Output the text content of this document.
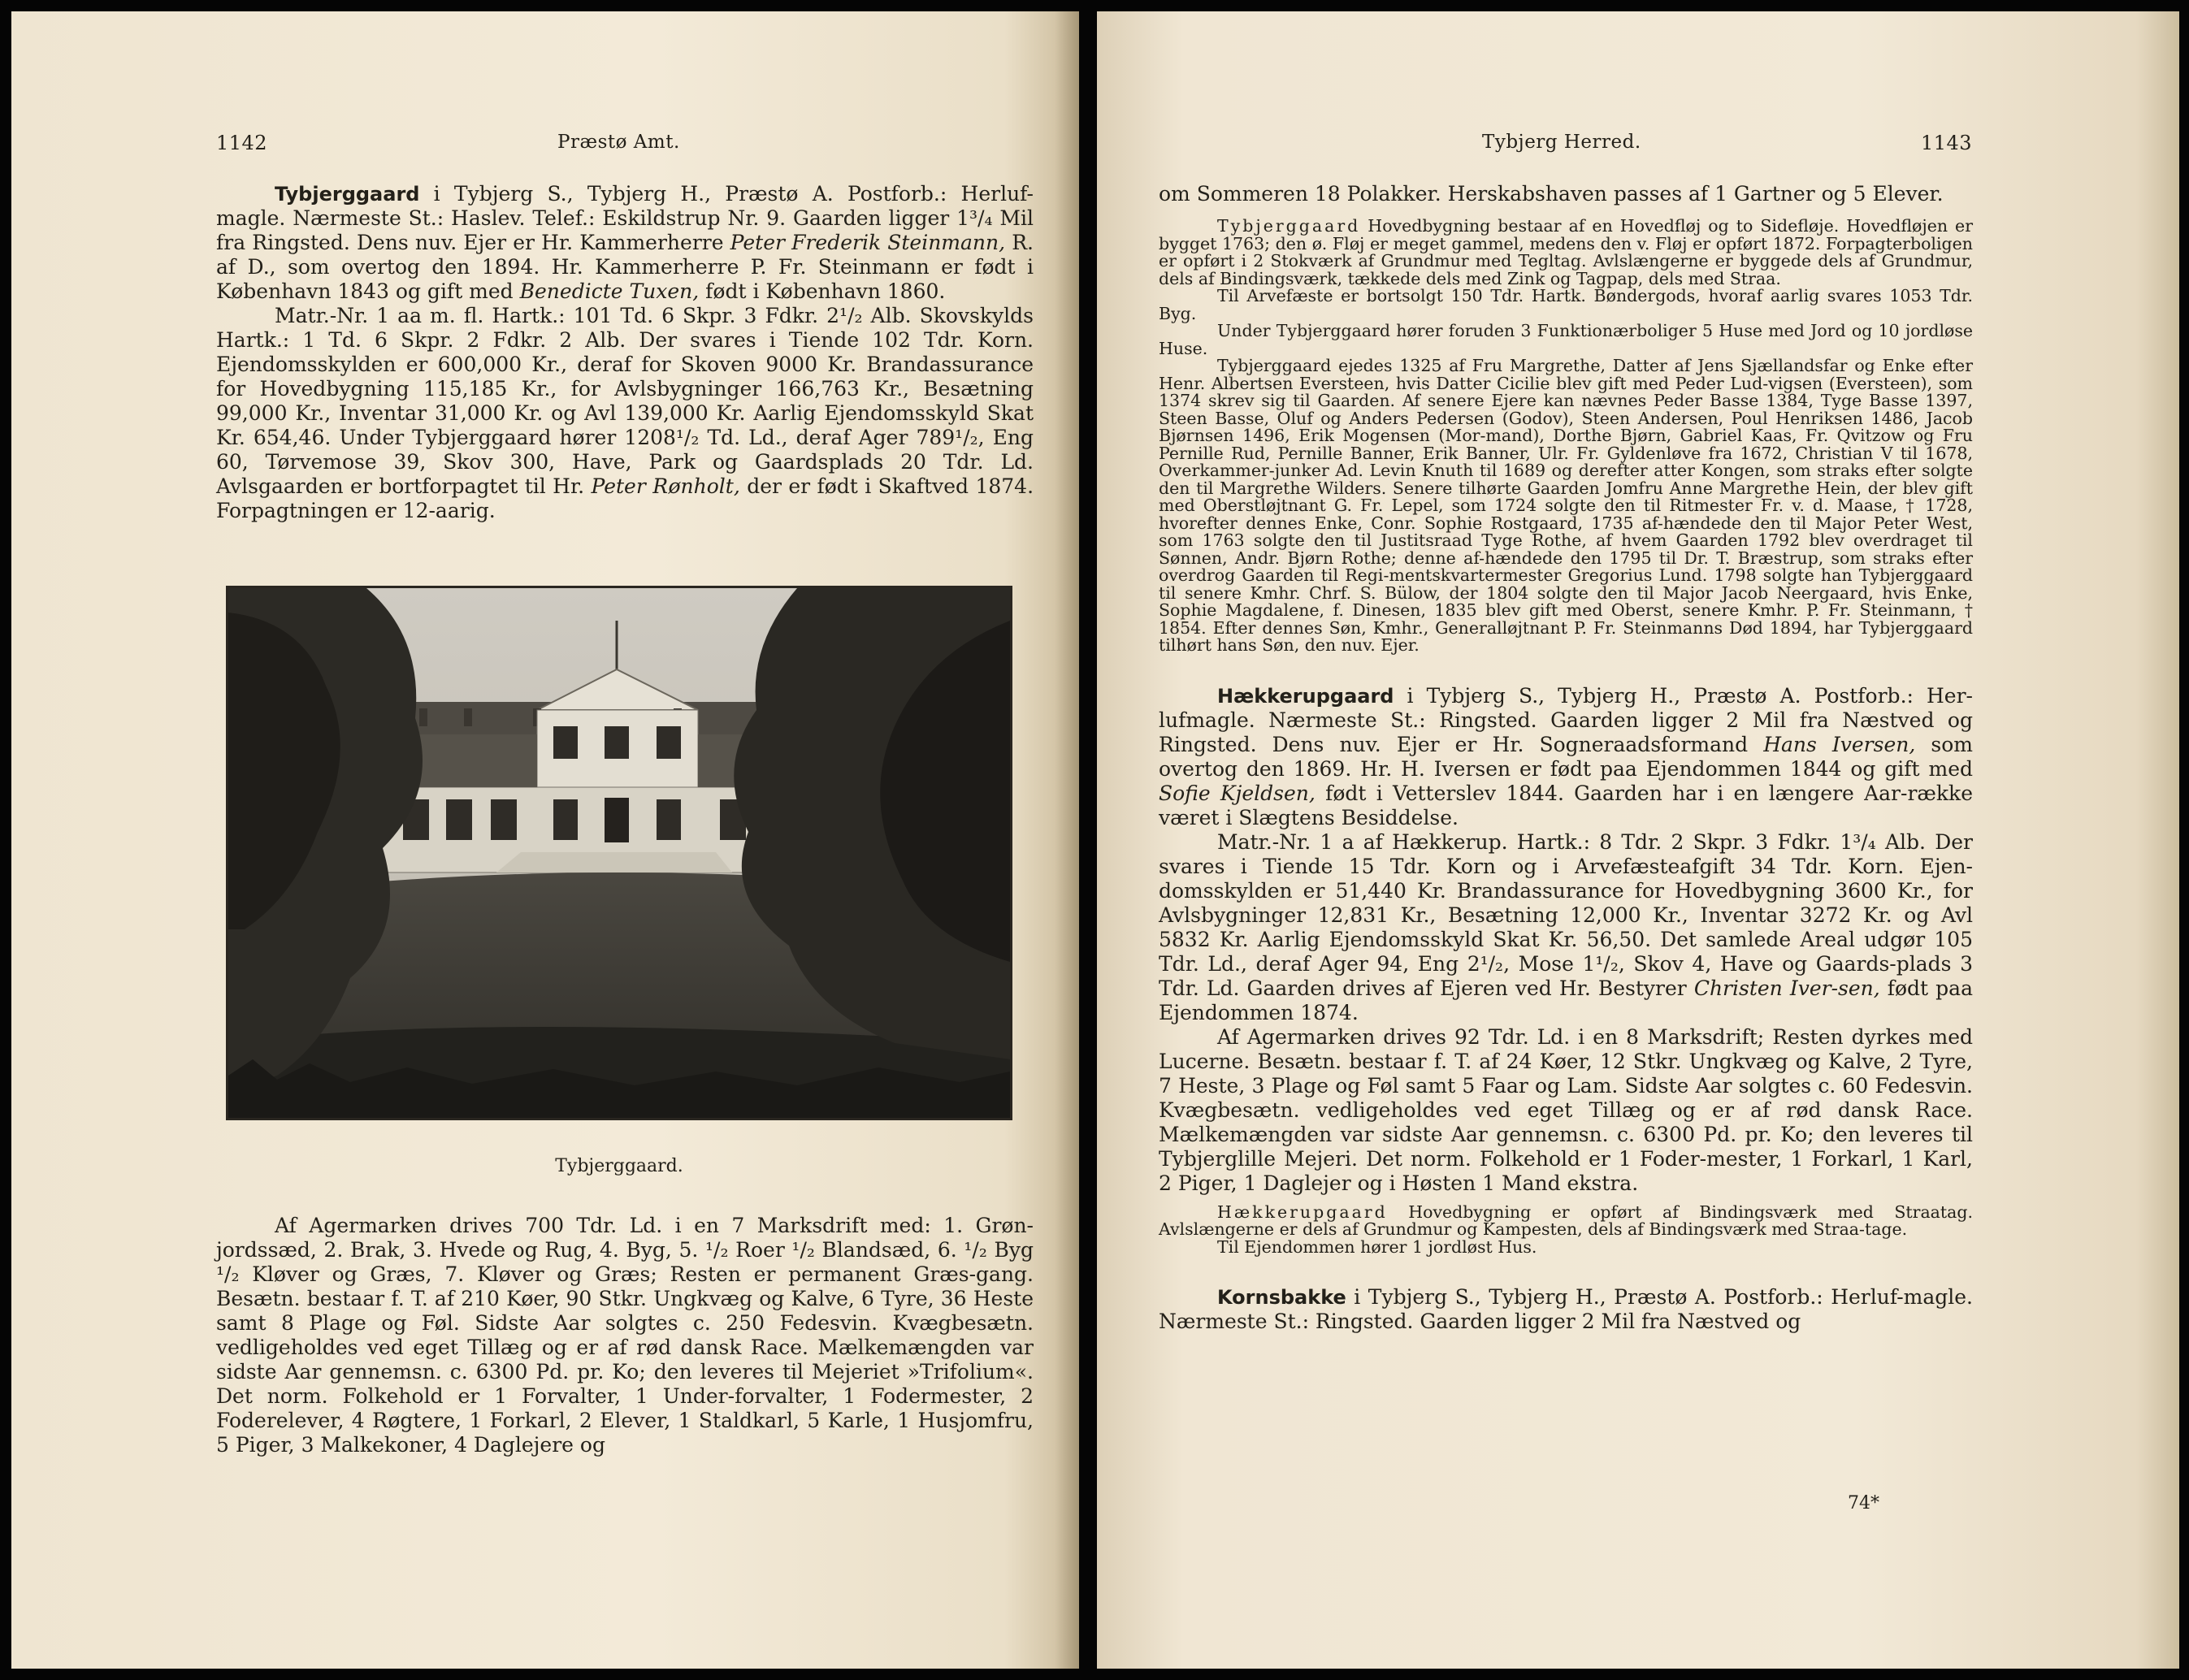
1142	Præstø Amt.

Tybjerggaard i Tybjerg S., Tybjerg H., Præstø A. Postforb.: Herluf-magle. Nærmeste St.: Haslev. Telef.: Eskildstrup Nr. 9. Gaarden ligger 1³/₄ Mil fra Ringsted. Dens nuv. Ejer er Hr. Kammerherre Peter Frederik Steinmann, R. af D., som overtog den 1894. Hr. Kammerherre P. Fr. Steinmann er født i København 1843 og gift med Benedicte Tuxen, født i København 1860.

Matr.-Nr. 1 aa m. fl. Hartk.: 101 Td. 6 Skpr. 3 Fdkr. 2¹/₂ Alb. Skovskylds Hartk.: 1 Td. 6 Skpr. 2 Fdkr. 2 Alb. Der svares i Tiende 102 Tdr. Korn. Ejendomsskylden er 600,000 Kr., deraf for Skoven 9000 Kr. Brandassurance for Hovedbygning 115,185 Kr., for Avlsbygninger 166,763 Kr., Besætning 99,000 Kr., Inventar 31,000 Kr. og Avl 139,000 Kr. Aarlig Ejendomsskyld Skat Kr. 654,46. Under Tybjerggaard hører 1208¹/₂ Td. Ld., deraf Ager 789¹/₂, Eng 60, Tørvemose 39, Skov 300, Have, Park og Gaardsplads 20 Tdr. Ld. Avlsgaarden er bortforpagtet til Hr. Peter Rønholt, der er født i Skaftved 1874. Forpagtningen er 12-aarig.

Tybjerggaard.

Af Agermarken drives 700 Tdr. Ld. i en 7 Marksdrift med: 1. Grøn-jordssæd, 2. Brak, 3. Hvede og Rug, 4. Byg, 5. ¹/₂ Roer ¹/₂ Blandsæd, 6. ¹/₂ Byg ¹/₂ Kløver og Græs, 7. Kløver og Græs; Resten er permanent Græs-gang. Besætn. bestaar f. T. af 210 Køer, 90 Stkr. Ungkvæg og Kalve, 6 Tyre, 36 Heste samt 8 Plage og Føl. Sidste Aar solgtes c. 250 Fedesvin. Kvægbesætn. vedligeholdes ved eget Tillæg og er af rød dansk Race. Mælkemængden var sidste Aar gennemsn. c. 6300 Pd. pr. Ko; den leveres til Mejeriet »Trifolium«. Det norm. Folkehold er 1 Forvalter, 1 Under-forvalter, 1 Fodermester, 2 Foderelever, 4 Røgtere, 1 Forkarl, 2 Elever, 1 Staldkarl, 5 Karle, 1 Husjomfru, 5 Piger, 3 Malkekoner, 4 Daglejere og

Tybjerg Herred.	1143

om Sommeren 18 Polakker. Herskabshaven passes af 1 Gartner og 5 Elever.

Tybjerggaard Hovedbygning bestaar af en Hovedfløj og to Sidefløje. Hovedfløjen er bygget 1763; den ø. Fløj er meget gammel, medens den v. Fløj er opført 1872. Forpagterboligen er opført i 2 Stokværk af Grundmur med Tegltag. Avlslængerne er byggede dels af Grundmur, dels af Bindingsværk, tækkede dels med Zink og Tagpap, dels med Straa.

Til Arvefæste er bortsolgt 150 Tdr. Hartk. Bøndergods, hvoraf aarlig svares 1053 Tdr. Byg.

Under Tybjerggaard hører foruden 3 Funktionærboliger 5 Huse med Jord og 10 jordløse Huse.

Tybjerggaard ejedes 1325 af Fru Margrethe, Datter af Jens Sjællandsfar og Enke efter Henr. Albertsen Eversteen, hvis Datter Cicilie blev gift med Peder Lud-vigsen (Eversteen), som 1374 skrev sig til Gaarden. Af senere Ejere kan nævnes Peder Basse 1384, Tyge Basse 1397, Steen Basse, Oluf og Anders Pedersen (Godov), Steen Andersen, Poul Henriksen 1486, Jacob Bjørnsen 1496, Erik Mogensen (Mor-mand), Dorthe Bjørn, Gabriel Kaas, Fr. Qvitzow og Fru Pernille Rud, Pernille Banner, Erik Banner, Ulr. Fr. Gyldenløve fra 1672, Christian V til 1678, Overkammer-junker Ad. Levin Knuth til 1689 og derefter atter Kongen, som straks efter solgte den til Margrethe Wilders. Senere tilhørte Gaarden Jomfru Anne Margrethe Hein, der blev gift med Oberstløjtnant G. Fr. Lepel, som 1724 solgte den til Ritmester Fr. v. d. Maase, † 1728, hvorefter dennes Enke, Conr. Sophie Rostgaard, 1735 af-hændede den til Major Peter West, som 1763 solgte den til Justitsraad Tyge Rothe, af hvem Gaarden 1792 blev overdraget til Sønnen, Andr. Bjørn Rothe; denne af-hændede den 1795 til Dr. T. Bræstrup, som straks efter overdrog Gaarden til Regi-mentskvartermester Gregorius Lund. 1798 solgte han Tybjerggaard til senere Kmhr. Chrf. S. Bülow, der 1804 solgte den til Major Jacob Neergaard, hvis Enke, Sophie Magdalene, f. Dinesen, 1835 blev gift med Oberst, senere Kmhr. P. Fr. Steinmann, † 1854. Efter dennes Søn, Kmhr., Generalløjtnant P. Fr. Steinmanns Død 1894, har Tybjerggaard tilhørt hans Søn, den nuv. Ejer.

Hækkerupgaard i Tybjerg S., Tybjerg H., Præstø A. Postforb.: Her-lufmagle. Nærmeste St.: Ringsted. Gaarden ligger 2 Mil fra Næstved og Ringsted. Dens nuv. Ejer er Hr. Sogneraadsformand Hans Iversen, som overtog den 1869. Hr. H. Iversen er født paa Ejendommen 1844 og gift med Sofie Kjeldsen, født i Vetterslev 1844. Gaarden har i en længere Aar-række været i Slægtens Besiddelse.

Matr.-Nr. 1 a af Hækkerup. Hartk.: 8 Tdr. 2 Skpr. 3 Fdkr. 1³/₄ Alb. Der svares i Tiende 15 Tdr. Korn og i Arvefæsteafgift 34 Tdr. Korn. Ejen-domsskylden er 51,440 Kr. Brandassurance for Hovedbygning 3600 Kr., for Avlsbygninger 12,831 Kr., Besætning 12,000 Kr., Inventar 3272 Kr. og Avl 5832 Kr. Aarlig Ejendomsskyld Skat Kr. 56,50. Det samlede Areal udgør 105 Tdr. Ld., deraf Ager 94, Eng 2¹/₂, Mose 1¹/₂, Skov 4, Have og Gaards-plads 3 Tdr. Ld. Gaarden drives af Ejeren ved Hr. Bestyrer Christen Iver-sen, født paa Ejendommen 1874.

Af Agermarken drives 92 Tdr. Ld. i en 8 Marksdrift; Resten dyrkes med Lucerne. Besætn. bestaar f. T. af 24 Køer, 12 Stkr. Ungkvæg og Kalve, 2 Tyre, 7 Heste, 3 Plage og Føl samt 5 Faar og Lam. Sidste Aar solgtes c. 60 Fedesvin. Kvægbesætn. vedligeholdes ved eget Tillæg og er af rød dansk Race. Mælkemængden var sidste Aar gennemsn. c. 6300 Pd. pr. Ko; den leveres til Tybjerglille Mejeri. Det norm. Folkehold er 1 Foder-mester, 1 Forkarl, 1 Karl, 2 Piger, 1 Daglejer og i Høsten 1 Mand ekstra.

Hækkerupgaard Hovedbygning er opført af Bindingsværk med Straatag. Avlslængerne er dels af Grundmur og Kampesten, dels af Bindingsværk med Straa-tage.

Til Ejendommen hører 1 jordløst Hus.

Kornsbakke i Tybjerg S., Tybjerg H., Præstø A. Postforb.: Herluf-magle. Nærmeste St.: Ringsted. Gaarden ligger 2 Mil fra Næstved og

74*
